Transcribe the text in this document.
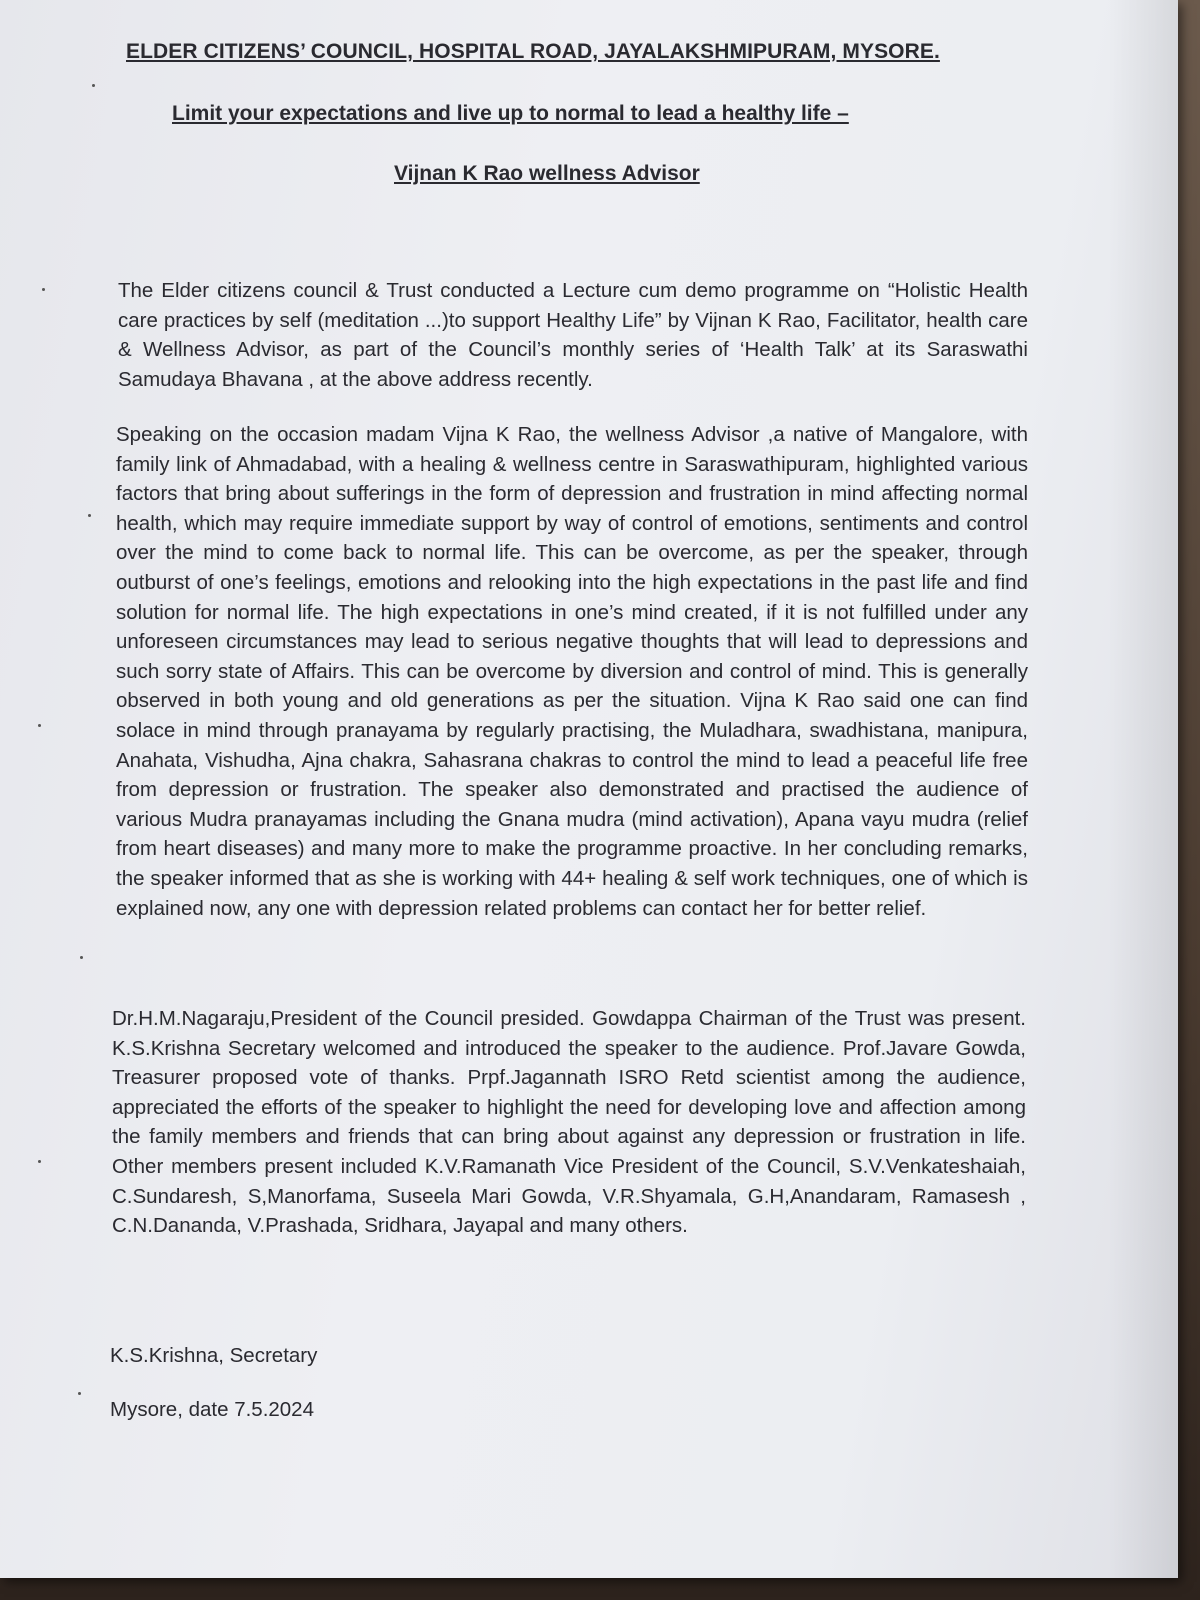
ELDER CITIZENS’ COUNCIL, HOSPITAL ROAD, JAYALAKSHMIPURAM, MYSORE.

Limit your expectations and live up to normal to lead a healthy life –

Vijnan K Rao wellness Advisor

The Elder citizens council & Trust conducted a Lecture cum demo programme on “Holistic Health care practices by self (meditation ...)to support Healthy Life” by Vijnan K Rao, Facilitator, health care & Wellness Advisor, as part of the Council’s monthly series of ‘Health Talk’ at its Saraswathi Samudaya Bhavana , at the above address recently.

Speaking on the occasion madam Vijna K Rao, the wellness Advisor ,a native of Mangalore, with family link of Ahmadabad, with a healing & wellness centre in Saraswathipuram, highlighted various factors that bring about sufferings in the form of depression and frustration in mind affecting normal health, which may require immediate support by way of control of emotions, sentiments and control over the mind to come back to normal life. This can be overcome, as per the speaker, through outburst of one’s feelings, emotions and relooking into the high expectations in the past life and find solution for normal life. The high expectations in one’s mind created, if it is not fulfilled under any unforeseen circumstances may lead to serious negative thoughts that will lead to depressions and such sorry state of Affairs. This can be overcome by diversion and control of mind. This is generally observed in both young and old generations as per the situation. Vijna K Rao said one can find solace in mind through pranayama by regularly practising, the Muladhara, swadhistana, manipura, Anahata, Vishudha, Ajna chakra, Sahasrana chakras to control the mind to lead a peaceful life free from depression or frustration. The speaker also demonstrated and practised the audience of various Mudra pranayamas including the Gnana mudra (mind activation), Apana vayu mudra (relief from heart diseases) and many more to make the programme proactive. In her concluding remarks, the speaker informed that as she is working with 44+ healing & self work techniques, one of which is explained now, any one with depression related problems can contact her for better relief.

Dr.H.M.Nagaraju,President of the Council presided. Gowdappa Chairman of the Trust was present. K.S.Krishna Secretary welcomed and introduced the speaker to the audience. Prof.Javare Gowda, Treasurer proposed vote of thanks. Prpf.Jagannath ISRO Retd scientist among the audience, appreciated the efforts of the speaker to highlight the need for developing love and affection among the family members and friends that can bring about against any depression or frustration in life. Other members present included K.V.Ramanath Vice President of the Council, S.V.Venkateshaiah, C.Sundaresh, S,Manorfama, Suseela Mari Gowda, V.R.Shyamala, G.H,Anandaram, Ramasesh , C.N.Dananda, V.Prashada, Sridhara, Jayapal and many others.

K.S.Krishna, Secretary

Mysore, date 7.5.2024
